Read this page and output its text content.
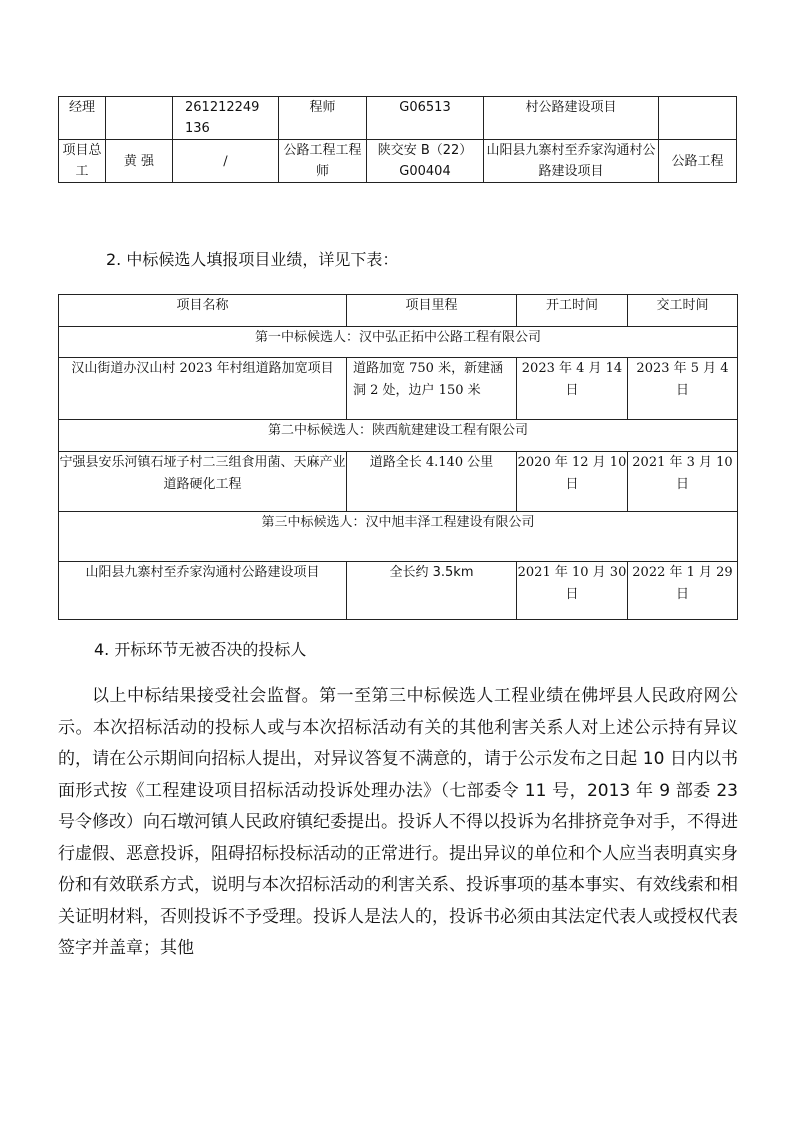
经理		261212249136	程师	G06513	村公路建设项目	
项目总工	黄 强	/	公路工程工程师	陕交安 B（22）G00404	山阳县九寨村至乔家沟通村公路建设项目	公路工程
2. 中标候选人填报项目业绩，详见下表：
项目名称	项目里程	开工时间	交工时间
第一中标候选人：汉中弘正拓中公路工程有限公司			
汉山街道办汉山村 2023 年村组道路加宽项目	道路加宽 750 米，新建涵洞 2 处，边户 150 米	2023 年 4 月 14 日	2023 年 5 月 4 日
第二中标候选人：陕西航建建设工程有限公司			
宁强县安乐河镇石垭子村二三组食用菌、天麻产业道路硬化工程	道路全长 4.140 公里	2020 年 12 月 10 日	2021 年 3 月 10 日
第三中标候选人：汉中旭丰泽工程建设有限公司			
山阳县九寨村至乔家沟通村公路建设项目	全长约 3.5km	2021 年 10 月 30 日	2022 年 1 月 29 日
4. 开标环节无被否决的投标人
以上中标结果接受社会监督。第一至第三中标候选人工程业绩在佛坪县人民政府网公示。本次招标活动的投标人或与本次招标活动有关的其他利害关系人对上述公示持有异议的，请在公示期间向招标人提出，对异议答复不满意的，请于公示发布之日起 10 日内以书面形式按《工程建设项目招标活动投诉处理办法》（七部委令 11 号，2013 年 9 部委 23 号令修改）向石墩河镇人民政府镇纪委提出。投诉人不得以投诉为名排挤竞争对手，不得进行虚假、恶意投诉，阻碍招标投标活动的正常进行。提出异议的单位和个人应当表明真实身份和有效联系方式，说明与本次招标活动的利害关系、投诉事项的基本事实、有效线索和相关证明材料，否则投诉不予受理。投诉人是法人的，投诉书必须由其法定代表人或授权代表签字并盖章；其他
